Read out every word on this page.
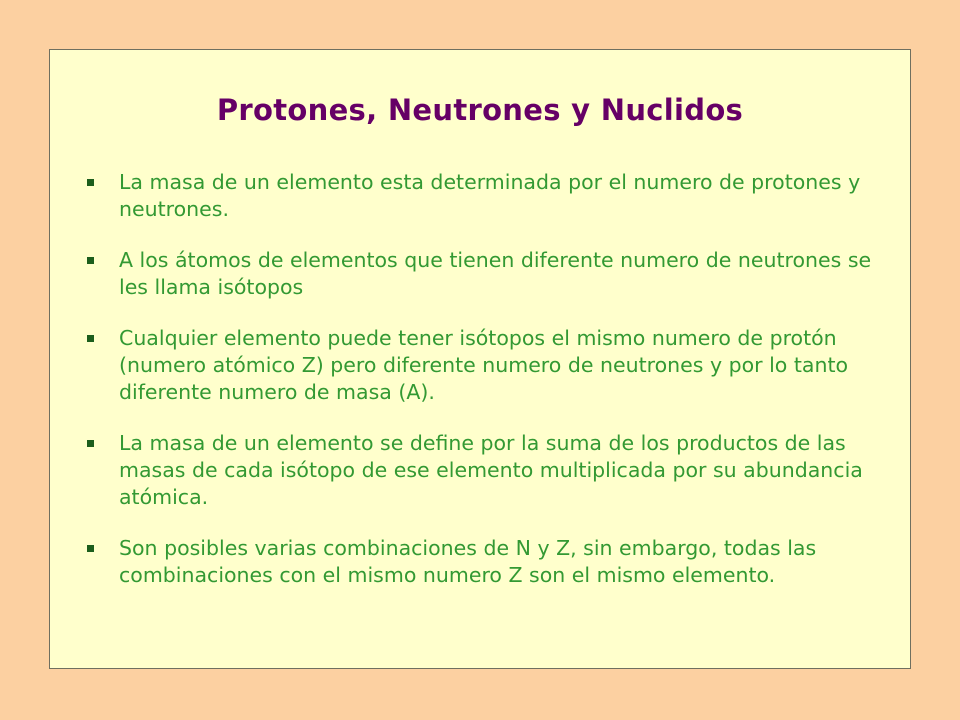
Protones, Neutrones y Nuclidos
La masa de un elemento esta determinada por el numero de protones y neutrones.
A los átomos de elementos que tienen diferente numero de neutrones se les llama isótopos
Cualquier elemento puede tener isótopos el mismo numero de protón (numero atómico Z) pero diferente numero de neutrones y por lo tanto diferente numero de masa (A).
La masa de un elemento se define por la suma de los productos de las masas de cada isótopo de ese elemento multiplicada por su abundancia atómica.
Son posibles varias combinaciones de N y Z, sin embargo, todas las combinaciones con el mismo numero Z son el mismo elemento.
